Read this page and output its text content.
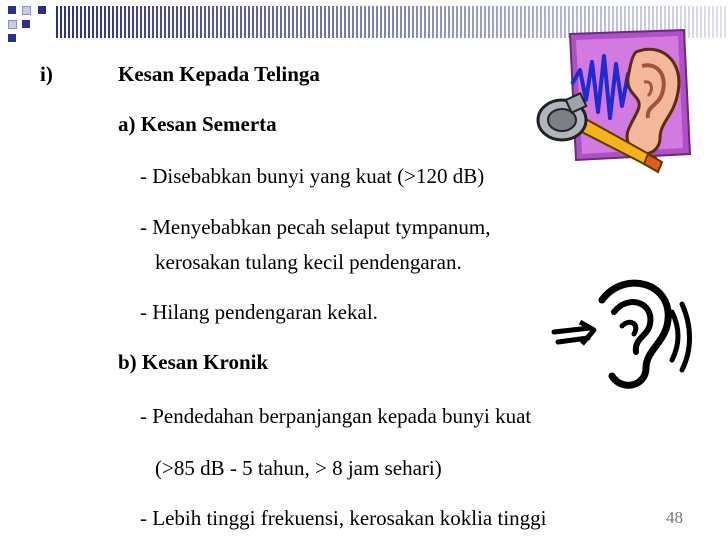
i)	Kesan Kepada Telinga
a) Kesan Semerta
- Disebabkan bunyi yang kuat (>120 dB)
- Menyebabkan pecah selaput tympanum,
kerosakan tulang kecil pendengaran.
- Hilang pendengaran kekal.
b) Kesan Kronik
- Pendedahan berpanjangan kepada bunyi kuat
(>85 dB - 5 tahun, > 8 jam sehari)
- Lebih tinggi frekuensi, kerosakan koklia tinggi	48
